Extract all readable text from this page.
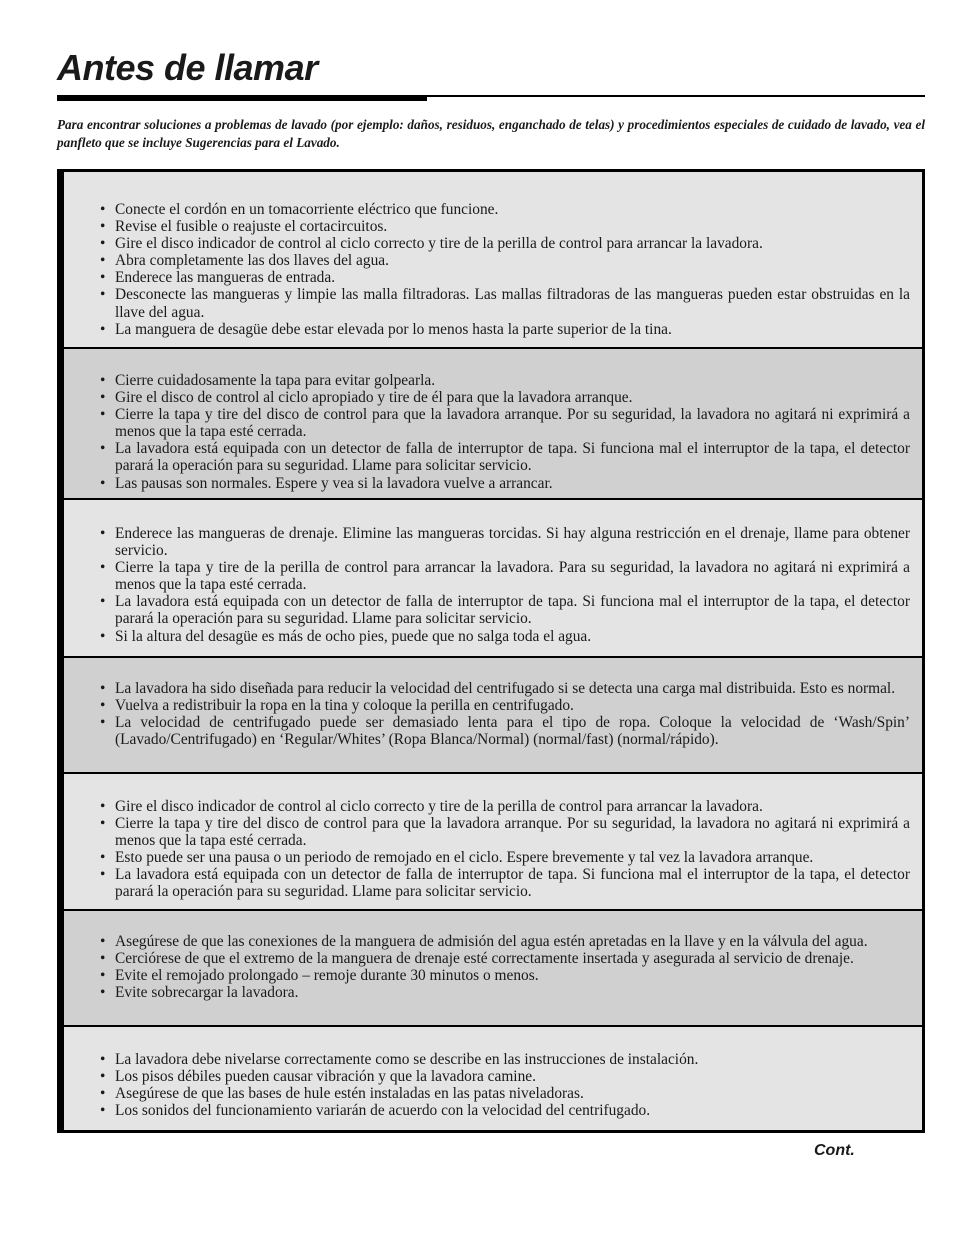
Antes de llamar

Para encontrar soluciones a problemas de lavado (por ejemplo: daños, residuos, enganchado de telas) y procedimientos especiales de cuidado de lavado, vea el panfleto que se incluye Sugerencias para el Lavado.

• Conecte el cordón en un tomacorriente eléctrico que funcione.
• Revise el fusible o reajuste el cortacircuitos.
• Gire el disco indicador de control al ciclo correcto y tire de la perilla de control para arrancar la lavadora.
• Abra completamente las dos llaves del agua.
• Enderece las mangueras de entrada.
• Desconecte las mangueras y limpie las malla filtradoras. Las mallas filtradoras de las mangueras pueden estar obstruidas en la llave del agua.
• La manguera de desagüe debe estar elevada por lo menos hasta la parte superior de la tina.
• Cierre cuidadosamente la tapa para evitar golpearla.
• Gire el disco de control al ciclo apropiado y tire de él para que la lavadora arranque.
• Cierre la tapa y tire del disco de control para que la lavadora arranque. Por su seguridad, la lavadora no agitará ni exprimirá a menos que la tapa esté cerrada.
• La lavadora está equipada con un detector de falla de interruptor de tapa. Si funciona mal el interruptor de la tapa, el detector parará la operación para su seguridad. Llame para solicitar servicio.
• Las pausas son normales. Espere y vea si la lavadora vuelve a arrancar.
• Enderece las mangueras de drenaje. Elimine las mangueras torcidas. Si hay alguna restricción en el drenaje, llame para obtener servicio.
• Cierre la tapa y tire de la perilla de control para arrancar la lavadora. Para su seguridad, la lavadora no agitará ni exprimirá a menos que la tapa esté cerrada.
• La lavadora está equipada con un detector de falla de interruptor de tapa. Si funciona mal el interruptor de la tapa, el detector parará la operación para su seguridad. Llame para solicitar servicio.
• Si la altura del desagüe es más de ocho pies, puede que no salga toda el agua.
• La lavadora ha sido diseñada para reducir la velocidad del centrifugado si se detecta una carga mal distribuida. Esto es normal.
• Vuelva a redistribuir la ropa en la tina y coloque la perilla en centrifugado.
• La velocidad de centrifugado puede ser demasiado lenta para el tipo de ropa. Coloque la velocidad de ‘Wash/Spin’ (Lavado/Centrifugado) en ‘Regular/Whites’ (Ropa Blanca/Normal) (normal/fast) (normal/rápido).
• Gire el disco indicador de control al ciclo correcto y tire de la perilla de control para arrancar la lavadora.
• Cierre la tapa y tire del disco de control para que la lavadora arranque. Por su seguridad, la lavadora no agitará ni exprimirá a menos que la tapa esté cerrada.
• Esto puede ser una pausa o un periodo de remojado en el ciclo. Espere brevemente y tal vez la lavadora arranque.
• La lavadora está equipada con un detector de falla de interruptor de tapa. Si funciona mal el interruptor de la tapa, el detector parará la operación para su seguridad. Llame para solicitar servicio.
• Asegúrese de que las conexiones de la manguera de admisión del agua estén apretadas en la llave y en la válvula del agua.
• Cerciórese de que el extremo de la manguera de drenaje esté correctamente insertada y asegurada al servicio de drenaje.
• Evite el remojado prolongado – remoje durante 30 minutos o menos.
• Evite sobrecargar la lavadora.
• La lavadora debe nivelarse correctamente como se describe en las instrucciones de instalación.
• Los pisos débiles pueden causar vibración y que la lavadora camine.
• Asegúrese de que las bases de hule estén instaladas en las patas niveladoras.
• Los sonidos del funcionamiento variarán de acuerdo con la velocidad del centrifugado.
Cont.
